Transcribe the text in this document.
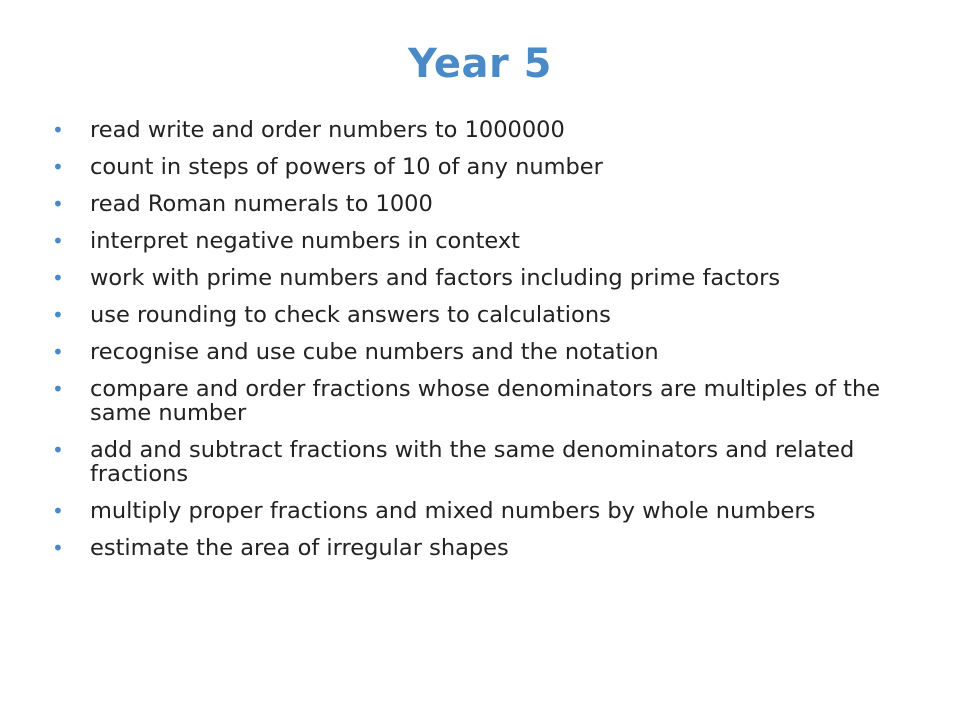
Year 5
• read write and order numbers to 1000000
• count in steps of powers of 10 of any number
• read Roman numerals to 1000
• interpret negative numbers in context
• work with prime numbers and factors including prime factors
• use rounding to check answers to calculations
• recognise and use cube numbers and the notation
• compare and order fractions whose denominators are multiples of the same number
• add and subtract fractions with the same denominators and related fractions
• multiply proper fractions and mixed numbers by whole numbers
• estimate the area of irregular shapes
